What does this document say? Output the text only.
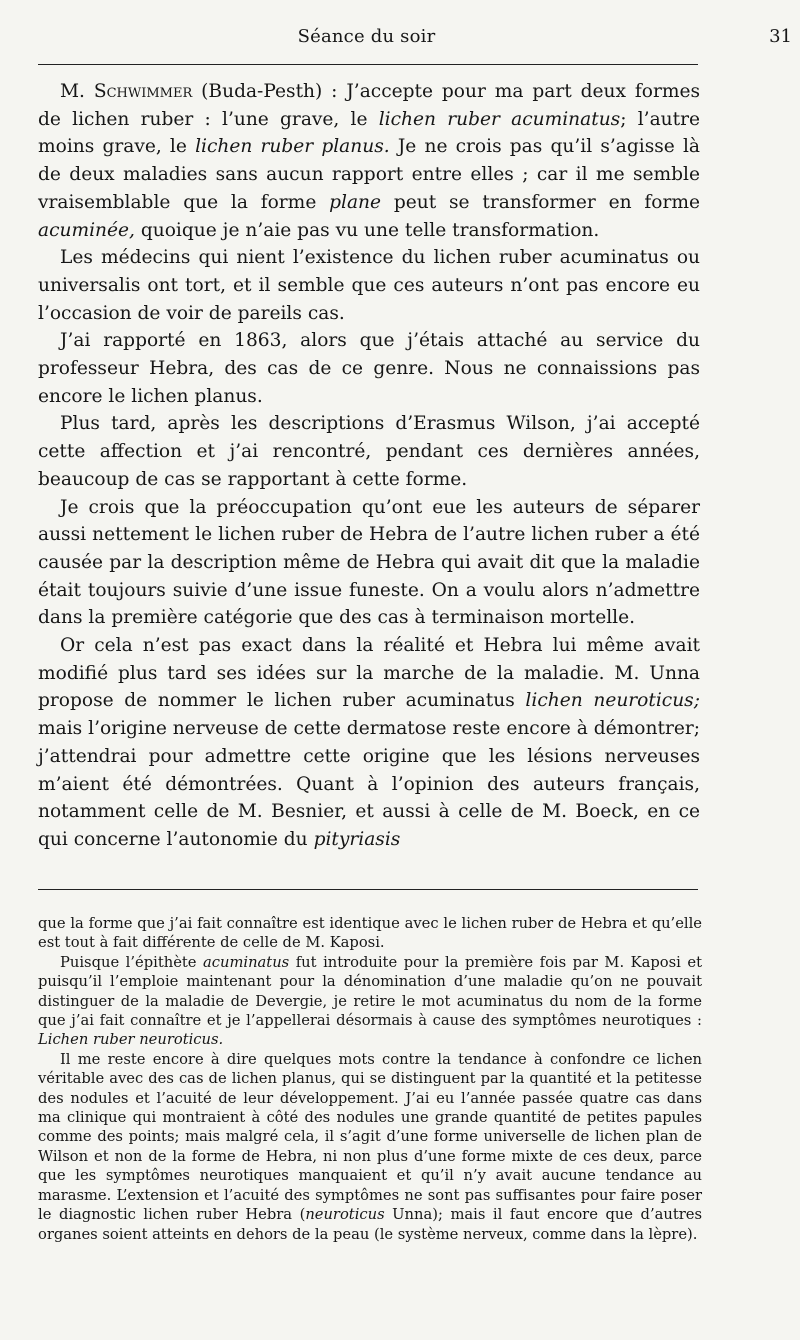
Séance du soir	31

M. Schwimmer (Buda-Pesth) : J’accepte pour ma part deux formes de lichen ruber : l’une grave, le lichen ruber acuminatus; l’autre moins grave, le lichen ruber planus. Je ne crois pas qu’il s’agisse là de deux maladies sans aucun rapport entre elles ; car il me semble vraisemblable que la forme plane peut se transformer en forme acuminée, quoique je n’aie pas vu une telle transformation.

Les médecins qui nient l’existence du lichen ruber acuminatus ou universalis ont tort, et il semble que ces auteurs n’ont pas encore eu l’occasion de voir de pareils cas.

J’ai rapporté en 1863, alors que j’étais attaché au service du professeur Hebra, des cas de ce genre. Nous ne connaissions pas encore le lichen planus.

Plus tard, après les descriptions d’Erasmus Wilson, j’ai accepté cette affection et j’ai rencontré, pendant ces dernières années, beaucoup de cas se rapportant à cette forme.

Je crois que la préoccupation qu’ont eue les auteurs de séparer aussi nettement le lichen ruber de Hebra de l’autre lichen ruber a été causée par la description même de Hebra qui avait dit que la maladie était toujours suivie d’une issue funeste. On a voulu alors n’admettre dans la première catégorie que des cas à terminaison mortelle.

Or cela n’est pas exact dans la réalité et Hebra lui même avait modifié plus tard ses idées sur la marche de la maladie. M. Unna propose de nommer le lichen ruber acuminatus lichen neuroticus; mais l’origine nerveuse de cette dermatose reste encore à démontrer; j’attendrai pour admettre cette origine que les lésions nerveuses m’aient été démontrées. Quant à l’opinion des auteurs français, notamment celle de M. Besnier, et aussi à celle de M. Boeck, en ce qui concerne l’autonomie du pityriasis

que la forme que j’ai fait connaître est identique avec le lichen ruber de Hebra et qu’elle est tout à fait différente de celle de M. Kaposi.

Puisque l’épithète acuminatus fut introduite pour la première fois par M. Kaposi et puisqu’il l’emploie maintenant pour la dénomination d’une maladie qu’on ne pouvait distinguer de la maladie de Devergie, je retire le mot acuminatus du nom de la forme que j’ai fait connaître et je l’appellerai désormais à cause des symptômes neurotiques : Lichen ruber neuroticus.

Il me reste encore à dire quelques mots contre la tendance à confondre ce lichen véritable avec des cas de lichen planus, qui se distinguent par la quantité et la petitesse des nodules et l’acuité de leur développement. J’ai eu l’année passée quatre cas dans ma clinique qui montraient à côté des nodules une grande quantité de petites papules comme des points; mais malgré cela, il s’agit d’une forme universelle de lichen plan de Wilson et non de la forme de Hebra, ni non plus d’une forme mixte de ces deux, parce que les symptômes neurotiques manquaient et qu’il n’y avait aucune tendance au marasme. L’extension et l’acuité des symptômes ne sont pas suffisantes pour faire poser le diagnostic lichen ruber Hebra (neuroticus Unna); mais il faut encore que d’autres organes soient atteints en dehors de la peau (le système nerveux, comme dans la lèpre).
